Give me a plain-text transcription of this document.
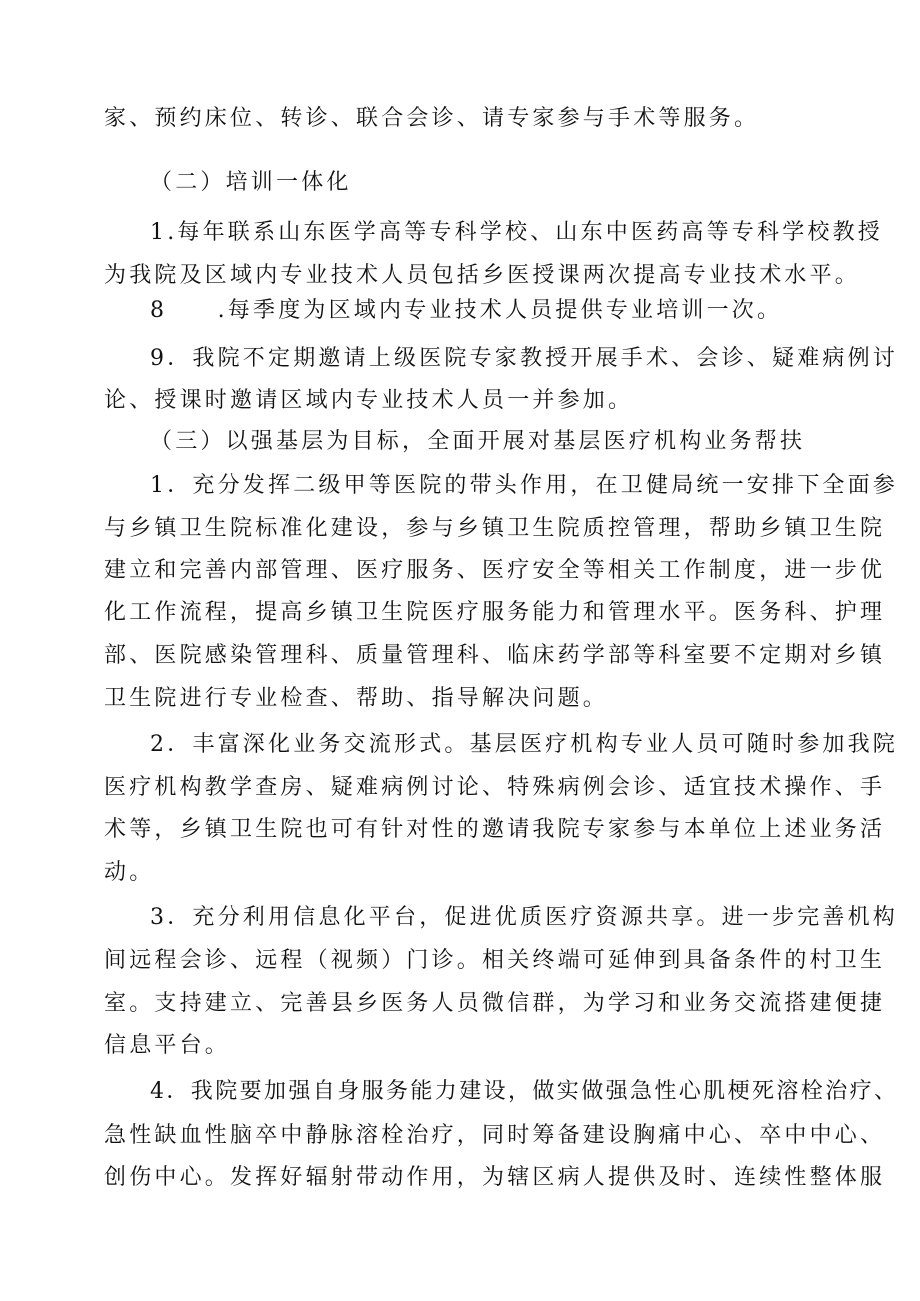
家、预约床位、转诊、联合会诊、请专家参与手术等服务。
（二）培训一体化
1.每年联系山东医学高等专科学校、山东中医药高等专科学校教授
为我院及区域内专业技术人员包括乡医授课两次提高专业技术水平。
8　　.每季度为区域内专业技术人员提供专业培训一次。
9．我院不定期邀请上级医院专家教授开展手术、会诊、疑难病例讨
论、授课时邀请区域内专业技术人员一并参加。
（三）以强基层为目标，全面开展对基层医疗机构业务帮扶
1．充分发挥二级甲等医院的带头作用，在卫健局统一安排下全面参
与乡镇卫生院标准化建设，参与乡镇卫生院质控管理，帮助乡镇卫生院
建立和完善内部管理、医疗服务、医疗安全等相关工作制度，进一步优
化工作流程，提高乡镇卫生院医疗服务能力和管理水平。医务科、护理
部、医院感染管理科、质量管理科、临床药学部等科室要不定期对乡镇
卫生院进行专业检查、帮助、指导解决问题。
2．丰富深化业务交流形式。基层医疗机构专业人员可随时参加我院
医疗机构教学查房、疑难病例讨论、特殊病例会诊、适宜技术操作、手
术等，乡镇卫生院也可有针对性的邀请我院专家参与本单位上述业务活
动。
3．充分利用信息化平台，促进优质医疗资源共享。进一步完善机构
间远程会诊、远程（视频）门诊。相关终端可延伸到具备条件的村卫生
室。支持建立、完善县乡医务人员微信群，为学习和业务交流搭建便捷
信息平台。
4．我院要加强自身服务能力建设，做实做强急性心肌梗死溶栓治疗、
急性缺血性脑卒中静脉溶栓治疗，同时筹备建设胸痛中心、卒中中心、
创伤中心。发挥好辐射带动作用，为辖区病人提供及时、连续性整体服
